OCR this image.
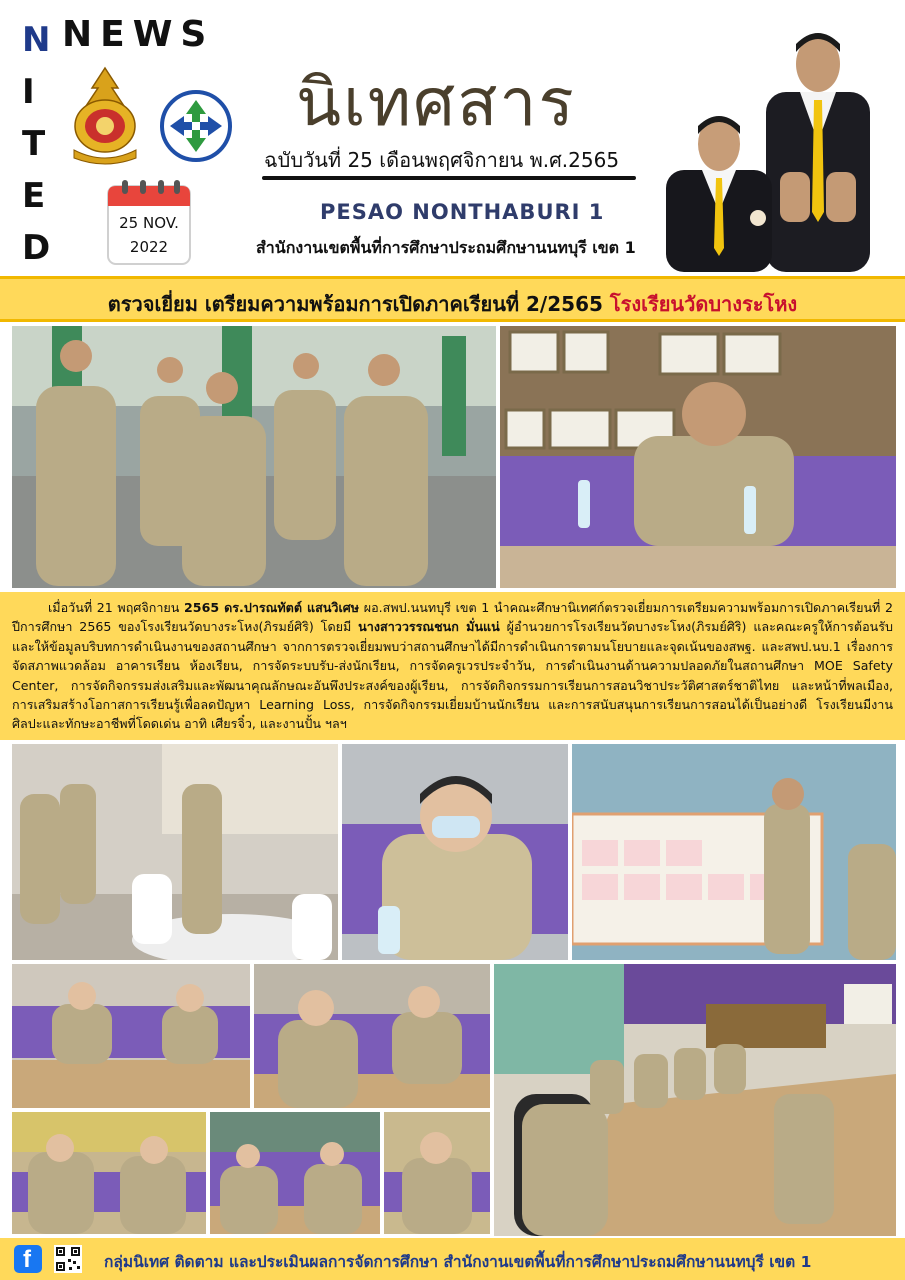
N
I
T
E
D
NEWS
25 NOV.
2022
นิเทศสาร
ฉบับวันที่ 25 เดือนพฤศจิกายน พ.ศ.2565
PESAO NONTHABURI 1
สำนักงานเขตพื้นที่การศึกษาประถมศึกษานนทบุรี เขต 1
ตรวจเยี่ยม เตรียมความพร้อมการเปิดภาคเรียนที่ 2/2565 โรงเรียนวัดบางระโหง
เมื่อวันที่ 21 พฤศจิกายน 2565 ดร.ปารณทัตต์ แสนวิเศษ ผอ.สพป.นนทบุรี เขต 1 นำคณะศึกษานิเทศก์ตรวจเยี่ยมการเตรียมความพร้อมการเปิดภาคเรียนที่ 2 ปีการศึกษา 2565 ของโรงเรียนวัดบางระโหง(ภิรมย์ศิริ) โดยมี นางสาววรรณชนก มั่นแน่ ผู้อำนวยการโรงเรียนวัดบางระโหง(ภิรมย์ศิริ) และคณะครูให้การต้อนรับ และให้ข้อมูลบริบทการดำเนินงานของสถานศึกษา จากการตรวจเยี่ยมพบว่าสถานศึกษาได้มีการดำเนินการตามนโยบายและจุดเน้นของสพฐ. และสพป.นบ.1 เรื่องการจัดสภาพแวดล้อม อาคารเรียน ห้องเรียน, การจัดระบบรับ-ส่งนักเรียน, การจัดครูเวรประจำวัน, การดำเนินงานด้านความปลอดภัยในสถานศึกษา MOE Safety Center, การจัดกิจกรรมส่งเสริมและพัฒนาคุณลักษณะอันพึงประสงค์ของผู้เรียน, การจัดกิจกรรมการเรียนการสอนวิชาประวัติศาสตร์ชาติไทย และหน้าที่พลเมือง, การเสริมสร้างโอกาสการเรียนรู้เพื่อลดปัญหา Learning Loss, การจัดกิจกรรมเยี่ยมบ้านนักเรียน และการสนับสนุนการเรียนการสอนได้เป็นอย่างดี โรงเรียนมีงานศิลปะและทักษะอาชีพที่โดดเด่น อาทิ เศียรจิ๋ว, และงานปั้น ฯลฯ
f	กลุ่มนิเทศ ติดตาม และประเมินผลการจัดการศึกษา สำนักงานเขตพื้นที่การศึกษาประถมศึกษานนทบุรี เขต 1
